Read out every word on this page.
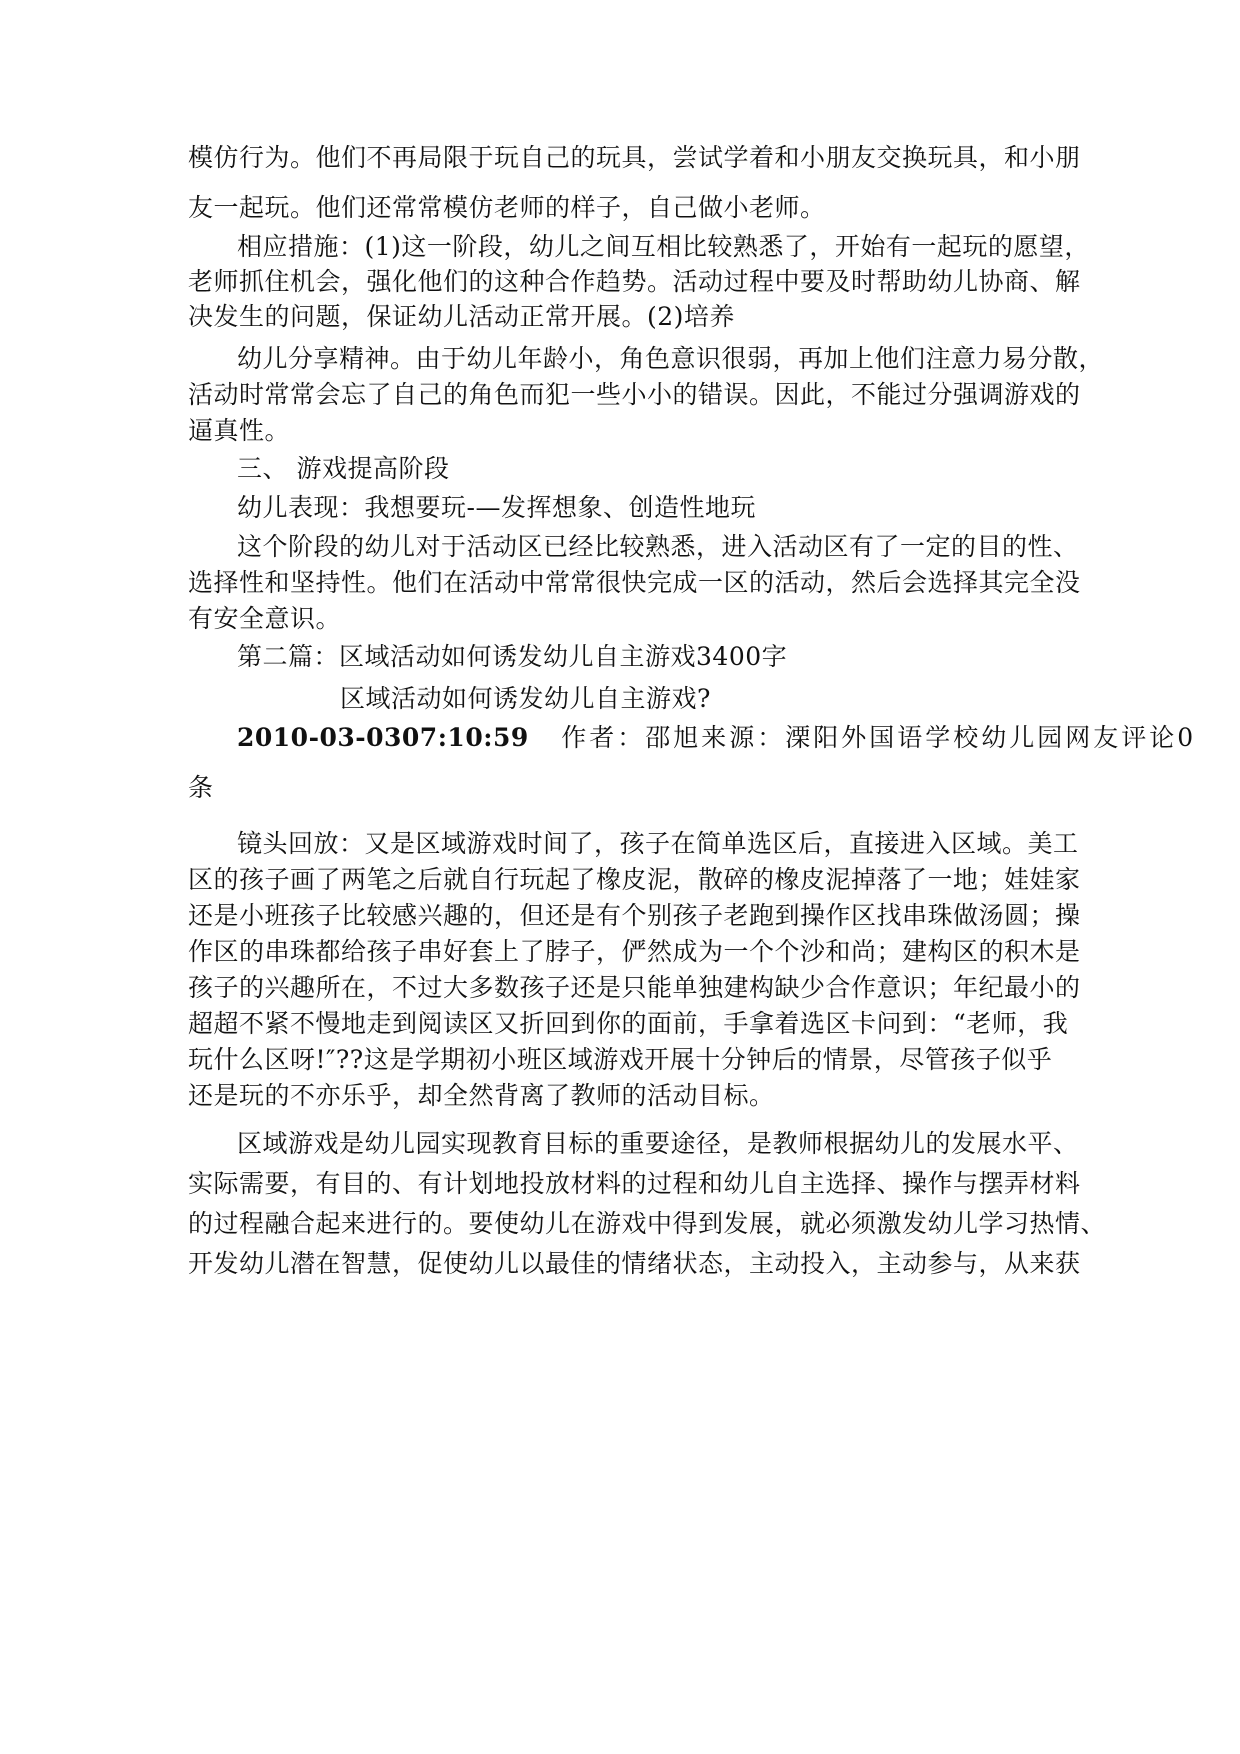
模仿行为。他们不再局限于玩自己的玩具，尝试学着和小朋友交换玩具，和小朋
友一起玩。他们还常常模仿老师的样子，自己做小老师。
相应措施：(1)这一阶段，幼儿之间互相比较熟悉了，开始有一起玩的愿望，
老师抓住机会，强化他们的这种合作趋势。活动过程中要及时帮助幼儿协商、解
决发生的问题，保证幼儿活动正常开展。(2)培养
幼儿分享精神。由于幼儿年龄小，角色意识很弱，再加上他们注意力易分散，
活动时常常会忘了自己的角色而犯一些小小的错误。因此，不能过分强调游戏的
逼真性。
三、 游戏提高阶段
幼儿表现：我想要玩-—发挥想象、创造性地玩
这个阶段的幼儿对于活动区已经比较熟悉，进入活动区有了一定的目的性、
选择性和坚持性。他们在活动中常常很快完成一区的活动，然后会选择其完全没
有安全意识。
第二篇：区域活动如何诱发幼儿自主游戏3400字
区域活动如何诱发幼儿自主游戏?
2010-03-0307:10:59 作者：邵旭来源：溧阳外国语学校幼儿园网友评论0
条
镜头回放：又是区域游戏时间了，孩子在简单选区后，直接进入区域。美工
区的孩子画了两笔之后就自行玩起了橡皮泥，散碎的橡皮泥掉落了一地；娃娃家
还是小班孩子比较感兴趣的，但还是有个别孩子老跑到操作区找串珠做汤圆；操
作区的串珠都给孩子串好套上了脖子，俨然成为一个个沙和尚；建构区的积木是
孩子的兴趣所在，不过大多数孩子还是只能单独建构缺少合作意识；年纪最小的
超超不紧不慢地走到阅读区又折回到你的面前，手拿着选区卡问到：“老师，我
玩什么区呀!″??这是学期初小班区域游戏开展十分钟后的情景，尽管孩子似乎
还是玩的不亦乐乎，却全然背离了教师的活动目标。
区域游戏是幼儿园实现教育目标的重要途径，是教师根据幼儿的发展水平、
实际需要，有目的、有计划地投放材料的过程和幼儿自主选择、操作与摆弄材料
的过程融合起来进行的。要使幼儿在游戏中得到发展，就必须激发幼儿学习热情、
开发幼儿潜在智慧，促使幼儿以最佳的情绪状态，主动投入，主动参与，从来获
